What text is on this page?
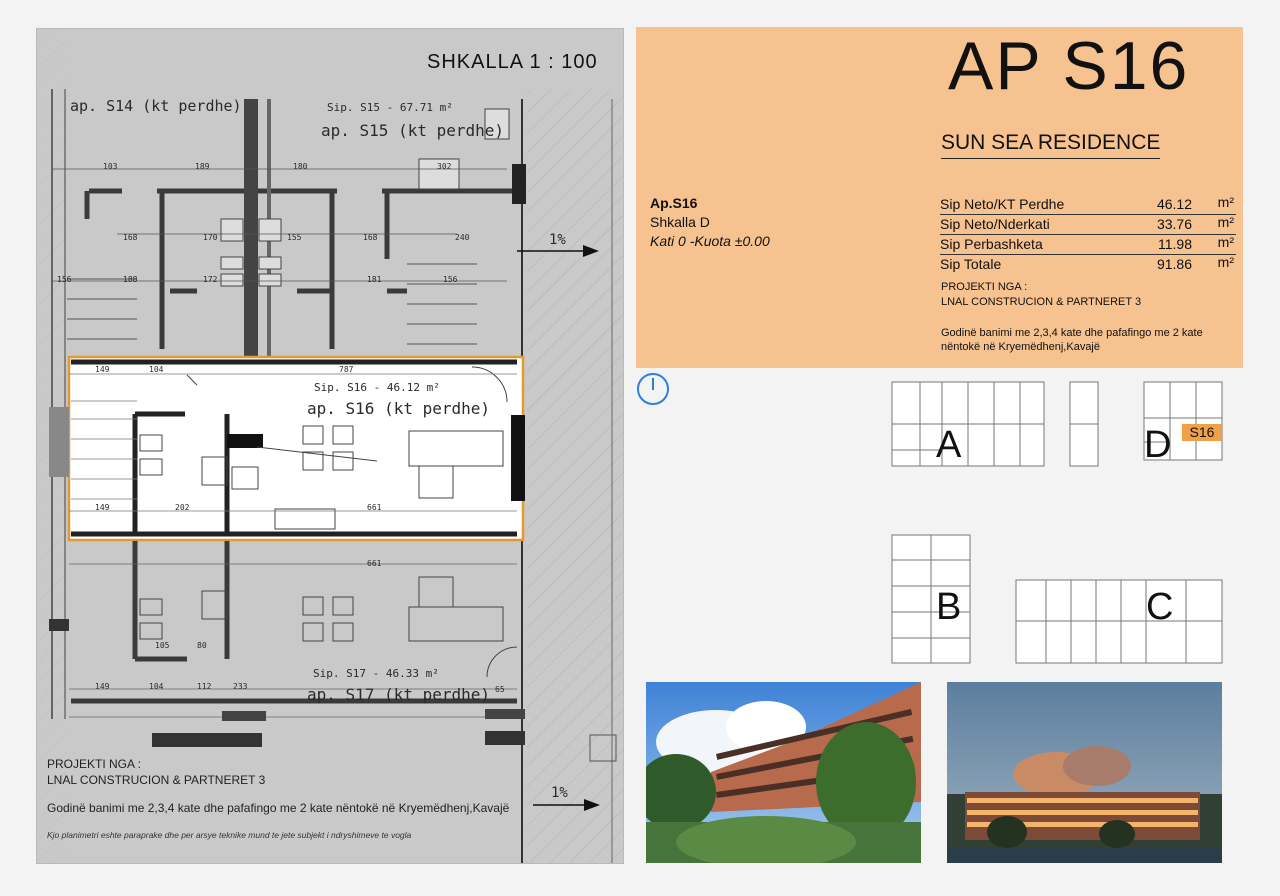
SHKALLA 1 : 100
ap. S14 (kt perdhe)	Sip. S15 - 67.71 m²
ap. S15 (kt perdhe)
1%
Sip. S16 - 46.12 m²
ap. S16 (kt perdhe)
149	104	787
202	661
149
661
105	80
149	104	112	233	65
103	189	180	302
168	170	155	168	240
156	188	172	181	156
Sip. S17 - 46.33 m²
ap. S17 (kt perdhe)
1%
PROJEKTI NGA :
LNAL CONSTRUCION & PARTNERET 3
Godinë banimi me 2,3,4 kate dhe pafafingo me 2 kate nëntokë në Kryemëdhenj,Kavajë
Kjo planimetri eshte paraprake dhe per arsye teknike mund te jete subjekt i ndryshimeve te vogla
AP S16
SUN SEA RESIDENCE
Ap.S16
Shkalla D
Kati 0 -Kuota ±0.00
Sip Neto/KT Perdhe	46.12 m²
Sip Neto/Nderkati	33.76 m²
Sip Perbashketa	11.98 m²
Sip Totale	91.86 m²
PROJEKTI NGA :
LNAL CONSTRUCION & PARTNERET 3
Godinë banimi me 2,3,4 kate dhe pafafingo me 2 kate nëntokë në Kryemëdhenj,Kavajë
A
B	C
D	S16
